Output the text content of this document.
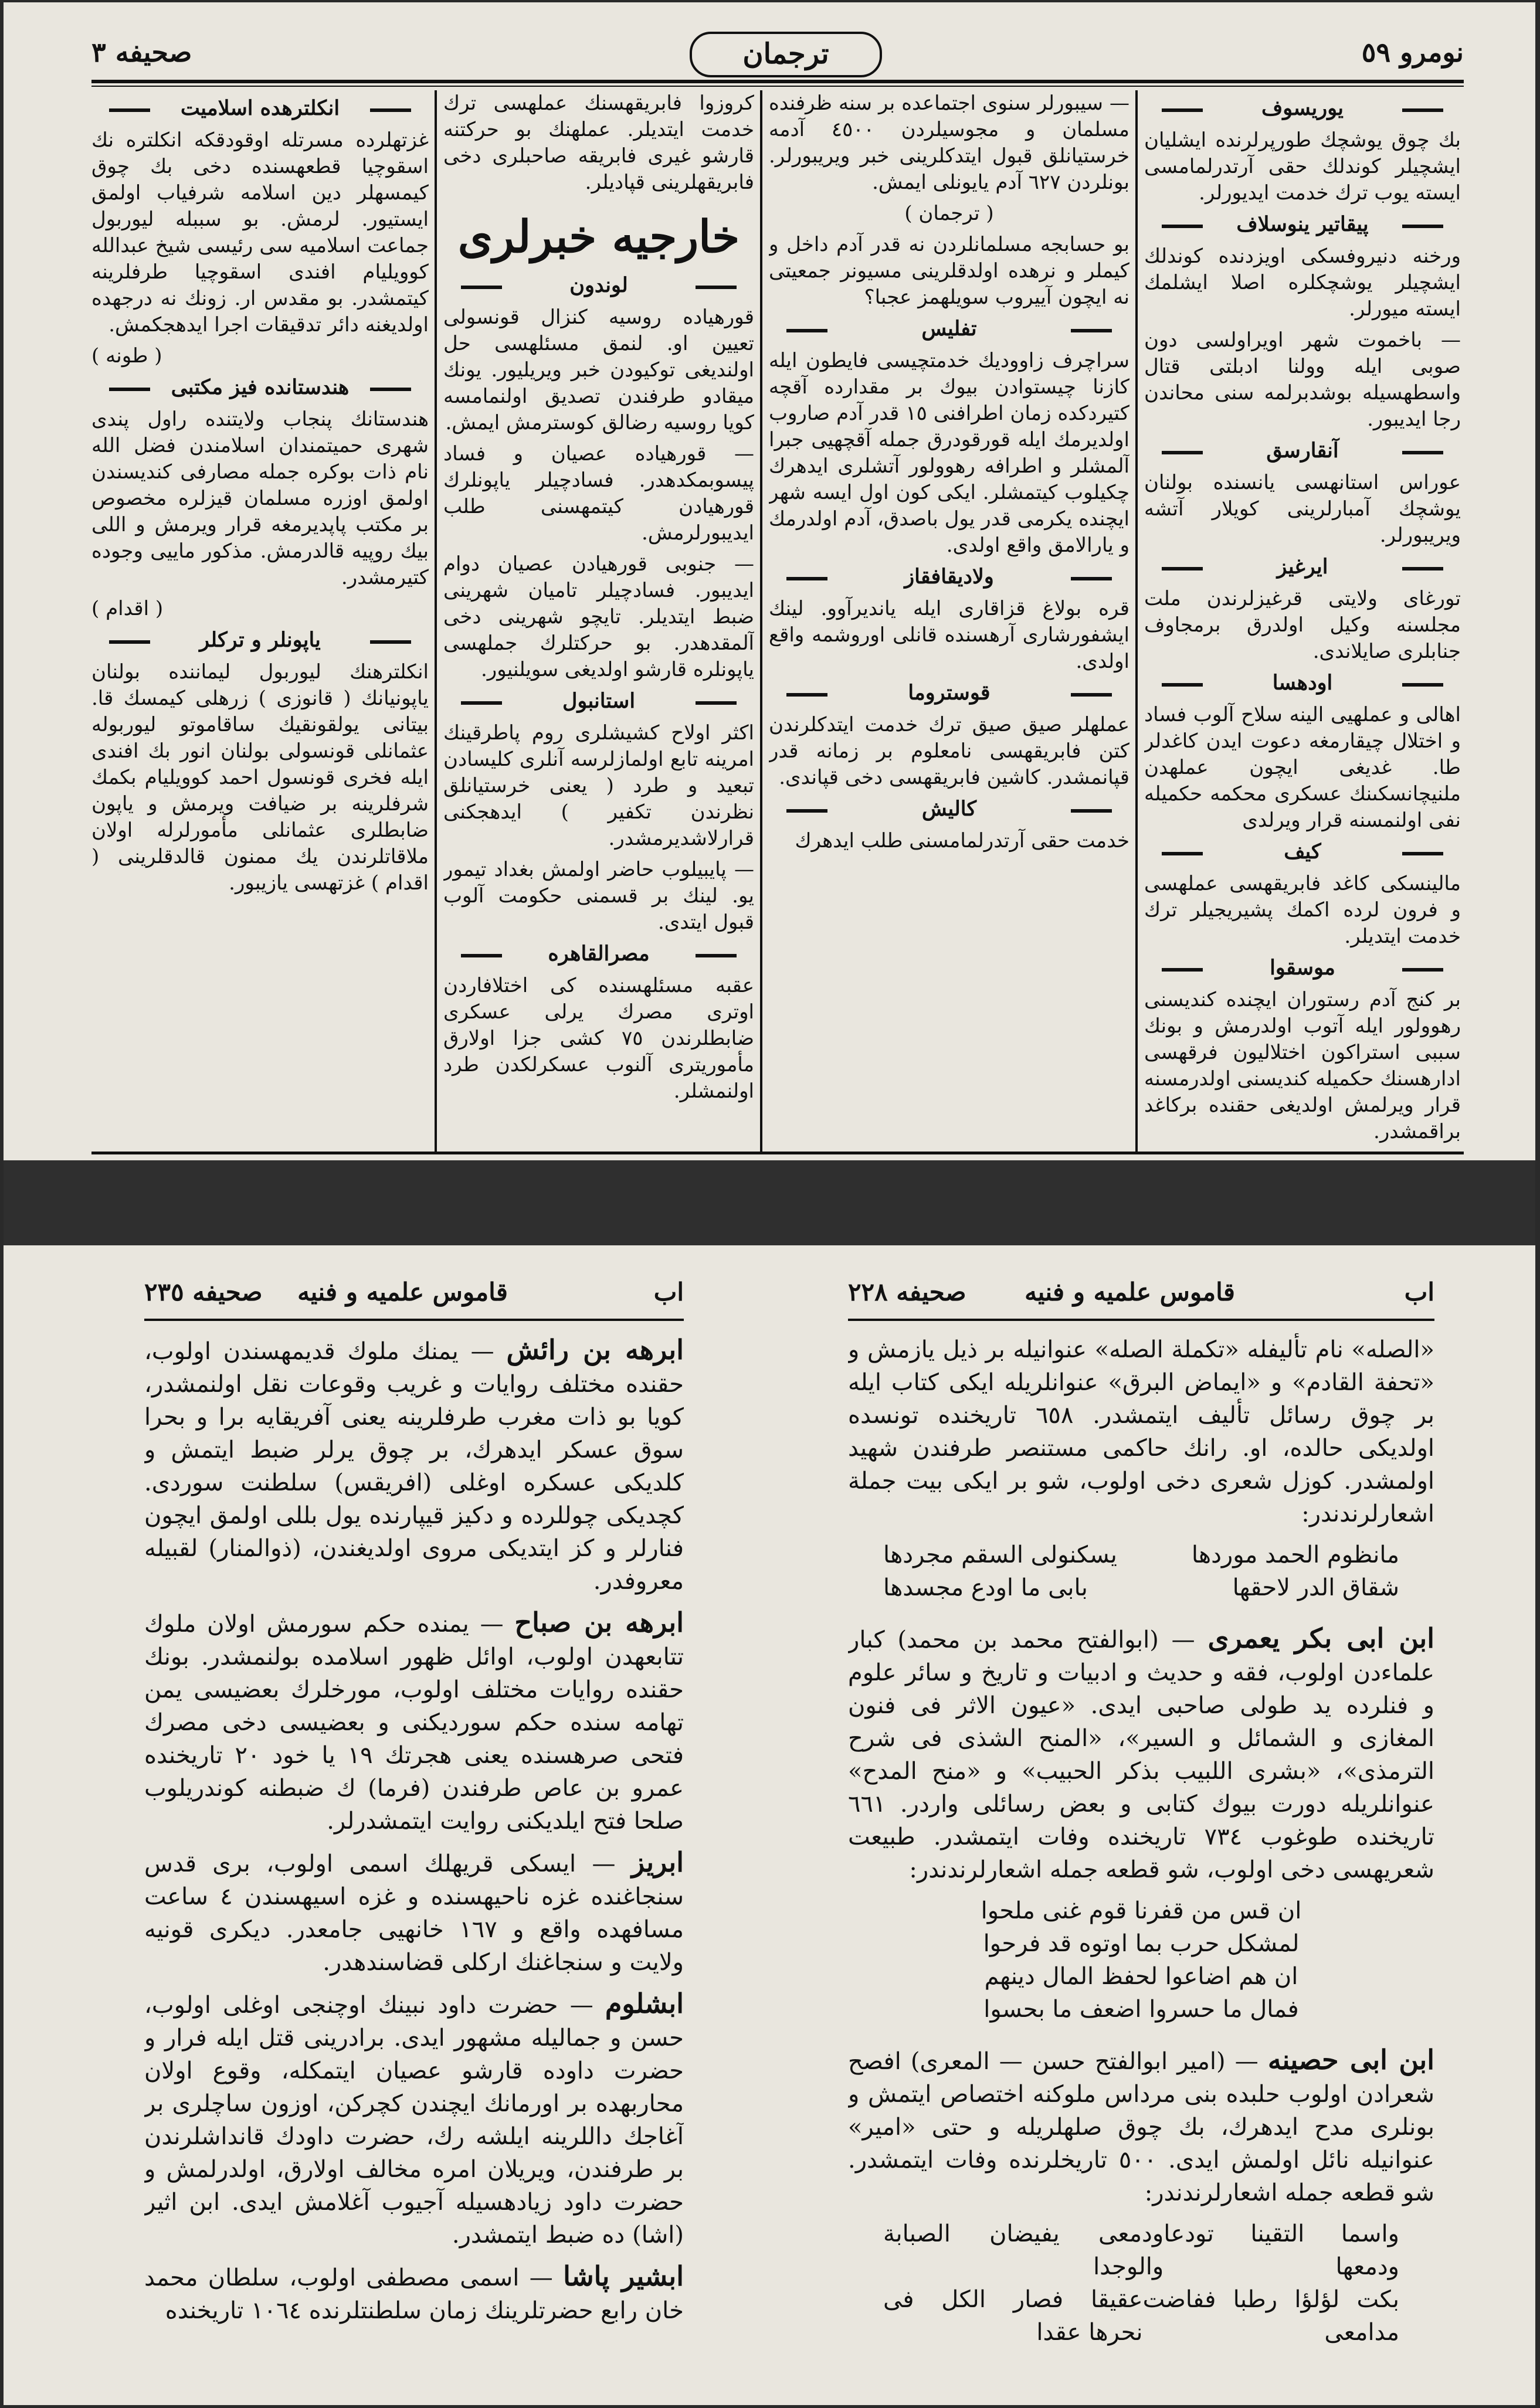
نومرو ٥٩
ترجمان
صحيفه ٣
يوريسوف

بك چوق يوشچك طورپرلرنده ايشليان ايشچيلر كوندلك حقى آرتدرلمامسى ايسته يوب ترك خدمت ايديورلر.

پيقاتير ينوسلاف

ورخنه دنيروفسكى اويزدنده كوندلك ايشچيلر يوشچكلره اصلا ايشلمك ايسته ميورلر.

— باخموت شهر اويراولسى دون صوبى ايله وولنا ادبلتى قتال واسطهسيله بوشدبرلمه سنى محاندن رجا ايديبور.

آنقارسق

عوراس استانهسى يانسنده بولنان يوشچك آمبارلرينى كويلار آتشه ويريبورلر.

ايرغيز

تورغاى ولايتى قرغيزلرندن ملت مجلسنه وكيل اولدرق برمجاوف جنابلرى صايلاندى.

اودهسا

اهالى و عملهيى الينه سلاح آلوب فساد و اختلال چيقارمغه دعوت ايدن كاغدلر طا. غديغى ايچون عملهدن ملنيچانسكىنك عسكرى محكمه حكميله نفى اولنمسنه قرار ويرلدى

كيف

مالينسكى كاغد فابريقهسى عملهسى و فرون لرده اكمك پشيريجيلر ترك خدمت ايتديلر.

موسقوا

بر كنج آدم رستوران ايچنده كنديسنى رهوولور ايله آتوب اولدرمش و بونك سببى استراكون اختلاليون فرقهسى ادارهسنك حكميله كنديسنى اولدرمسنه قرار ويرلمش اولديغى حقنده بركاغد براقمشدر.

— سيبورلر سنوى اجتماعده بر سنه ظرفنده مسلمان و مجوسيلردن ٤٥٠٠ آدمه خرستيانلق قبول ايتدكلرينى خبر ويريبورلر. بونلردن ٦٢٧ آدم يايونلى ايمش.

( ترجمان )

بو حسابجه مسلمانلردن نه قدر آدم داخل و كيملر و نرهده اولدقلرينى مسيونر جمعيتى نه ايچون آييروب سويلهمز عجبا؟

تفليس

سراچرف زاووديك خدمتچيسى فايطون ايله كازنا چيستوادن بيوك بر مقدارده آقچه كتيردكده زمان اطرافنى ١٥ قدر آدم صاروب اولديرمك ايله قورقودرق جمله آقچهيى جبرا آلمشلر و اطرافه رهوولور آتشلرى ايدهرك چكيلوب كيتمشلر. ايكى كون اول ايسه شهر ايچنده يكرمى قدر يول باصدق، آدم اولدرمك و يارالامق واقع اولدى.

ولاديقافقاز

قره بولاغ قزاقارى ايله يانديرآوو. لينك ايشفورشارى آرهسنده قانلى اوروشمه واقع اولدى.

قوستروما

عملهلر صيق صيق ترك خدمت ايتدكلرندن كتن فابريقهسى نامعلوم بر زمانه قدر قپانمشدر. كاشين فابريقهسى دخى قپاندى.

كاليش

خدمت حقى آرتدرلمامسنى طلب ايدهرك

كروزوا فابريقهسنك عملهسى ترك خدمت ايتديلر. عملهنك بو حركتنه قارشو غيرى فابريقه صاحبلرى دخى فابريقهلرينى قپاديلر.

خارجيه خبرلرى
لوندون

قورهياده روسيه كنزال قونسولى تعيين او. لنمق مسئلهسى حل اولنديغى توكيودن خبر ويريليور. يونك ميقادو طرفندن تصديق اولنمامسه كويا روسيه رضالق كوسترمش ايمش.

— قورهياده عصيان و فساد پيسوبمكدهدر. فسادچيلر ياپونلرك قورهيادن كيتمهسنى طلب ايديبورلرمش.

— جنوبى قورهيادن عصيان دوام ايديبور. فسادچيلر تاميان شهرينى ضبط ايتديلر. تايچو شهرينى دخى آلمقدهدر. بو حركتلرك جملهسى ياپونلره قارشو اولديغى سويلنيور.

استانبول

اكثر اولاح كشيشلرى روم پاطرقينك امرينه تابع اولمازلرسه آنلرى كليسادن تبعيد و طرد ( يعنى خرستيانلق نظرندن تكفير ) ايدهجكنى قرارلاشديرمشدر.

— پايبيلوب حاضر اولمش بغداد تيمور يو. لينك بر قسمنى حكومت آلوب قبول ايتدى.

مصرالقاهره

عقبه مسئلهسنده كى اختلافاردن اوترى مصرك يرلى عسكرى ضابطلرندن ٧٥ كشى جزا اولارق مأموريترى آلنوب عسكرلكدن طرد اولنمشلر.

انكلترهده اسلاميت

غزتهلرده مسرتله اوقودقكه انكلتره نك اسقوچيا قطعهسنده دخى بك چوق كيمسهلر دين اسلامه شرفياب اولمق ايستيور. لرمش. بو سببله ليوربول جماعت اسلاميه سى رئيسى شيخ عبدالله كوويليام افندى اسقوچيا طرفلرينه كيتمشدر. بو مقدس ار. زونك نه درجهده اولديغنه دائر تدقيقات اجرا ايدهجكمش.

( طونه )

هندستانده فيز مكتبى

هندستانك پنجاب ولايتنده راول پندى شهرى حميتمندان اسلامندن فضل الله نام ذات بوكره جمله مصارفى كنديسندن اولمق اوزره مسلمان قيزلره مخصوص بر مكتب پاپديرمغه قرار ويرمش و اللى بيك روپيه قالدرمش. مذكور ماييى وجوده كتيرمشدر.

( اقدام )

ياپونلر و تركلر

انكلترهنك ليوربول ليماننده بولنان ياپونيانك ( قانوزى ) زرهلى كيمسك قا. بيتانى يولقونقيك ساقاموتو ليوربوله عثمانلى قونسولى بولنان انور بك افندى ايله فخرى قونسول احمد كوويليام بكمك شرفلرينه بر ضيافت ويرمش و ياپون ضابطلرى عثمانلى مأمورلرله اولان ملاقاتلرندن يك ممنون قالدقلرينى ( اقدام ) غزتهسى يازيبور.

اب
قاموس علميه و فنيه
صحيفه ٢٢٨
اب
قاموس علميه و فنيه
صحيفه ٢٣٥

«الصله» نام تأليفله «تكملة الصله» عنوانيله بر ذيل يازمش و «تحفة القادم» و «ايماض البرق» عنوانلريله ايكى كتاب ايله بر چوق رسائل تأليف ايتمشدر. ٦٥٨ تاريخنده تونسده اولديكى حالده، او. رانك حاكمى مستنصر طرفندن شهيد اولمشدر. كوزل شعرى دخى اولوب، شو بر ايكى بيت جملة اشعارلرندندر:

مانظوم الحمد موردها
يسكنولى السقم مجردها
شقاق الدر لاحقها
بابى ما اودع مجسدها

ابن ابى بكر يعمرى — (ابوالفتح محمد بن محمد) كبار علماءدن اولوب، فقه و حديث و ادبيات و تاريخ و سائر علوم و فنلرده يد طولى صاحبى ايدى. «عيون الاثر فى فنون المغازى و الشمائل و السير»، «المنح الشذى فى شرح الترمذى»، «بشرى اللبيب بذكر الحبيب» و «منح المدح» عنوانلريله دورت بيوك كتابى و بعض رسائلى واردر. ٦٦١ تاريخنده طوغوب ٧٣٤ تاريخنده وفات ايتمشدر. طبيعت شعريهسى دخى اولوب، شو قطعه جمله اشعارلرندندر:

ان قس من قفرنا قوم غنى ملحوا
لمشكل حرب بما اوتوه قد فرحوا
ان هم اضاعوا لحفظ المال دينهم
فمال ما حسروا اضعف ما بحسوا

ابن ابى حصينه — (امير ابوالفتح حسن — المعرى) افصح شعرادن اولوب حلبده بنى مرداس ملوكنه اختصاص ايتمش و بونلرى مدح ايدهرك، بك چوق صلهلريله و حتى «امير» عنوانيله نائل اولمش ايدى. ٥٠٠ تاريخلرنده وفات ايتمشدر. شو قطعه جمله اشعارلرندندر:

واسما التقينا تودعا ودمعها
ودمعى يفيضان الصبابة والوجدا
بكت لؤلؤا رطبا ففاضت مدامعى
عقيقا فصار الكل فى نحرها عقدا

ابرهه بن رائش — يمنك ملوك قديمهسندن اولوب، حقنده مختلف روايات و غريب وقوعات نقل اولنمشدر، كويا بو ذات مغرب طرفلرينه يعنى آفريقايه برا و بحرا سوق عسكر ايدهرك، بر چوق يرلر ضبط ايتمش و كلديكى عسكره اوغلى (افريقس) سلطنت سوردى. كچديكى چوللرده و دكيز قيپارنده يول بللى اولمق ايچون فنارلر و كز ايتديكى مروى اولديغندن، (ذوالمنار) لقبيله معروفدر.

ابرهه بن صباح — يمنده حكم سورمش اولان ملوك تتابعهدن اولوب، اوائل ظهور اسلامده بولنمشدر. بونك حقنده روايات مختلف اولوب، مورخلرك بعضيسى يمن تهامه سنده حكم سورديكنى و بعضيسى دخى مصرك فتحى صرهسنده يعنى هجرتك ١٩ يا خود ٢٠ تاريخنده عمرو بن عاص طرفندن (فرما) ك ضبطنه كوندريلوب صلحا فتح ايلديكنى روايت ايتمشدرلر.

ابريز — ايسكى قريهلك اسمى اولوب، برى قدس سنجاغنده غزه ناحيهسنده و غزه اسيهسندن ٤ ساعت مسافهده واقع و ١٦٧ خانهيى جامعدر. ديكرى قونيه ولايت و سنجاغنك اركلى قضاسندهدر.

ابشلوم — حضرت داود نبينك اوچنجى اوغلى اولوب، حسن و جماليله مشهور ايدى. برادرينى قتل ايله فرار و حضرت داوده قارشو عصيان ايتمكله، وقوع اولان محاربهده بر اورمانك ايچندن كچركن، اوزون ساچلرى بر آغاجك داللرينه ايلشه رك، حضرت داودك قانداشلرندن بر طرفندن، ويريلان امره مخالف اولارق، اولدرلمش و حضرت داود زيادهسيله آجيوب آغلامش ايدى. ابن اثير (اشا) ده ضبط ايتمشدر.

ابشير پاشا — اسمى مصطفى اولوب، سلطان محمد خان رابع حضرتلرينك زمان سلطنتلرنده ١٠٦٤ تاريخنده
